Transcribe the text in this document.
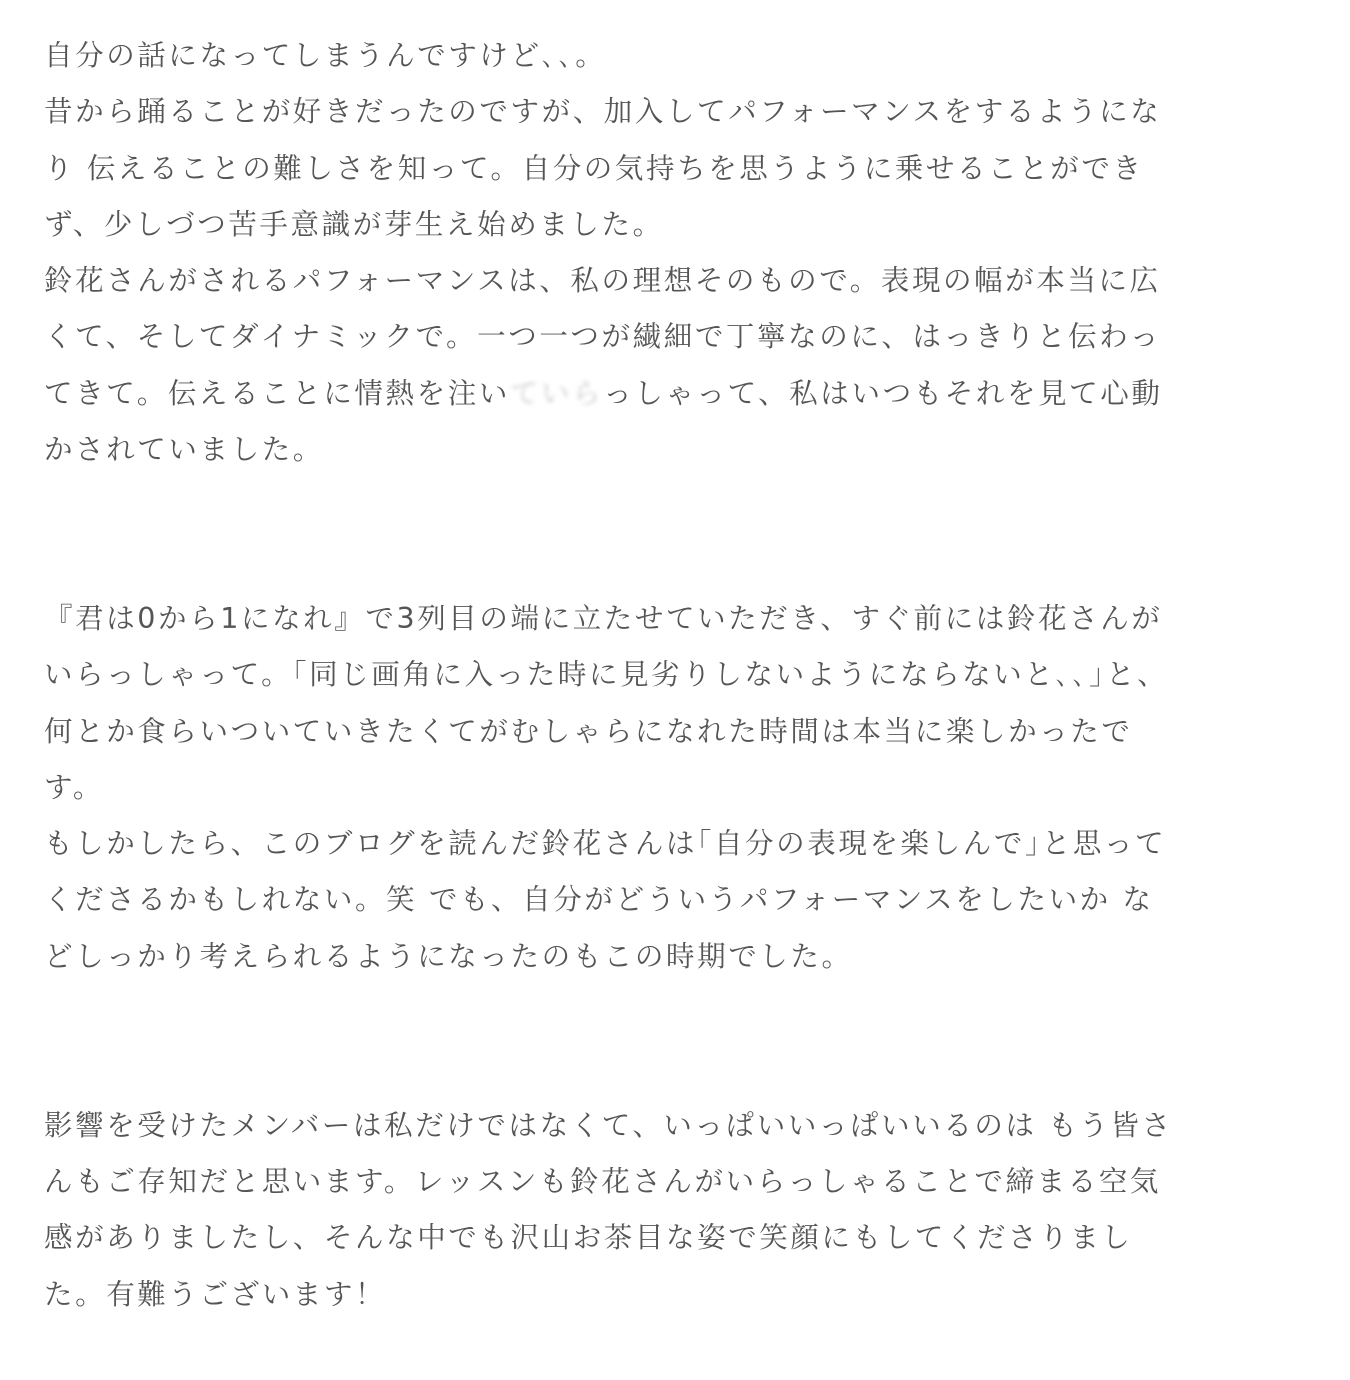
自分の話になってしまうんですけど､､｡
昔から踊ることが好きだったのですが、加入してパフォーマンスをするようにな
り 伝えることの難しさを知って。自分の気持ちを思うように乗せることができ
ず、少しづつ苦手意識が芽生え始めました。
鈴花さんがされるパフォーマンスは、私の理想そのもので。表現の幅が本当に広
くて、そしてダイナミックで。一つ一つが繊細で丁寧なのに、はっきりと伝わっ
てきて。伝えることに情熱を注いていらっしゃって、私はいつもそれを見て心動
かされていました。
『君は0から1になれ』で3列目の端に立たせていただき、すぐ前には鈴花さんが
いらっしゃって。｢同じ画角に入った時に見劣りしないようにならないと､､｣と、
何とか食らいついていきたくてがむしゃらになれた時間は本当に楽しかったで
す。
もしかしたら、このブログを読んだ鈴花さんは｢自分の表現を楽しんで｣と思って
くださるかもしれない。笑 でも、自分がどういうパフォーマンスをしたいか な
どしっかり考えられるようになったのもこの時期でした。
影響を受けたメンバーは私だけではなくて、いっぱいいっぱいいるのは もう皆さ
んもご存知だと思います。レッスンも鈴花さんがいらっしゃることで締まる空気
感がありましたし、そんな中でも沢山お茶目な姿で笑顔にもしてくださりまし
た。有難うございます！
